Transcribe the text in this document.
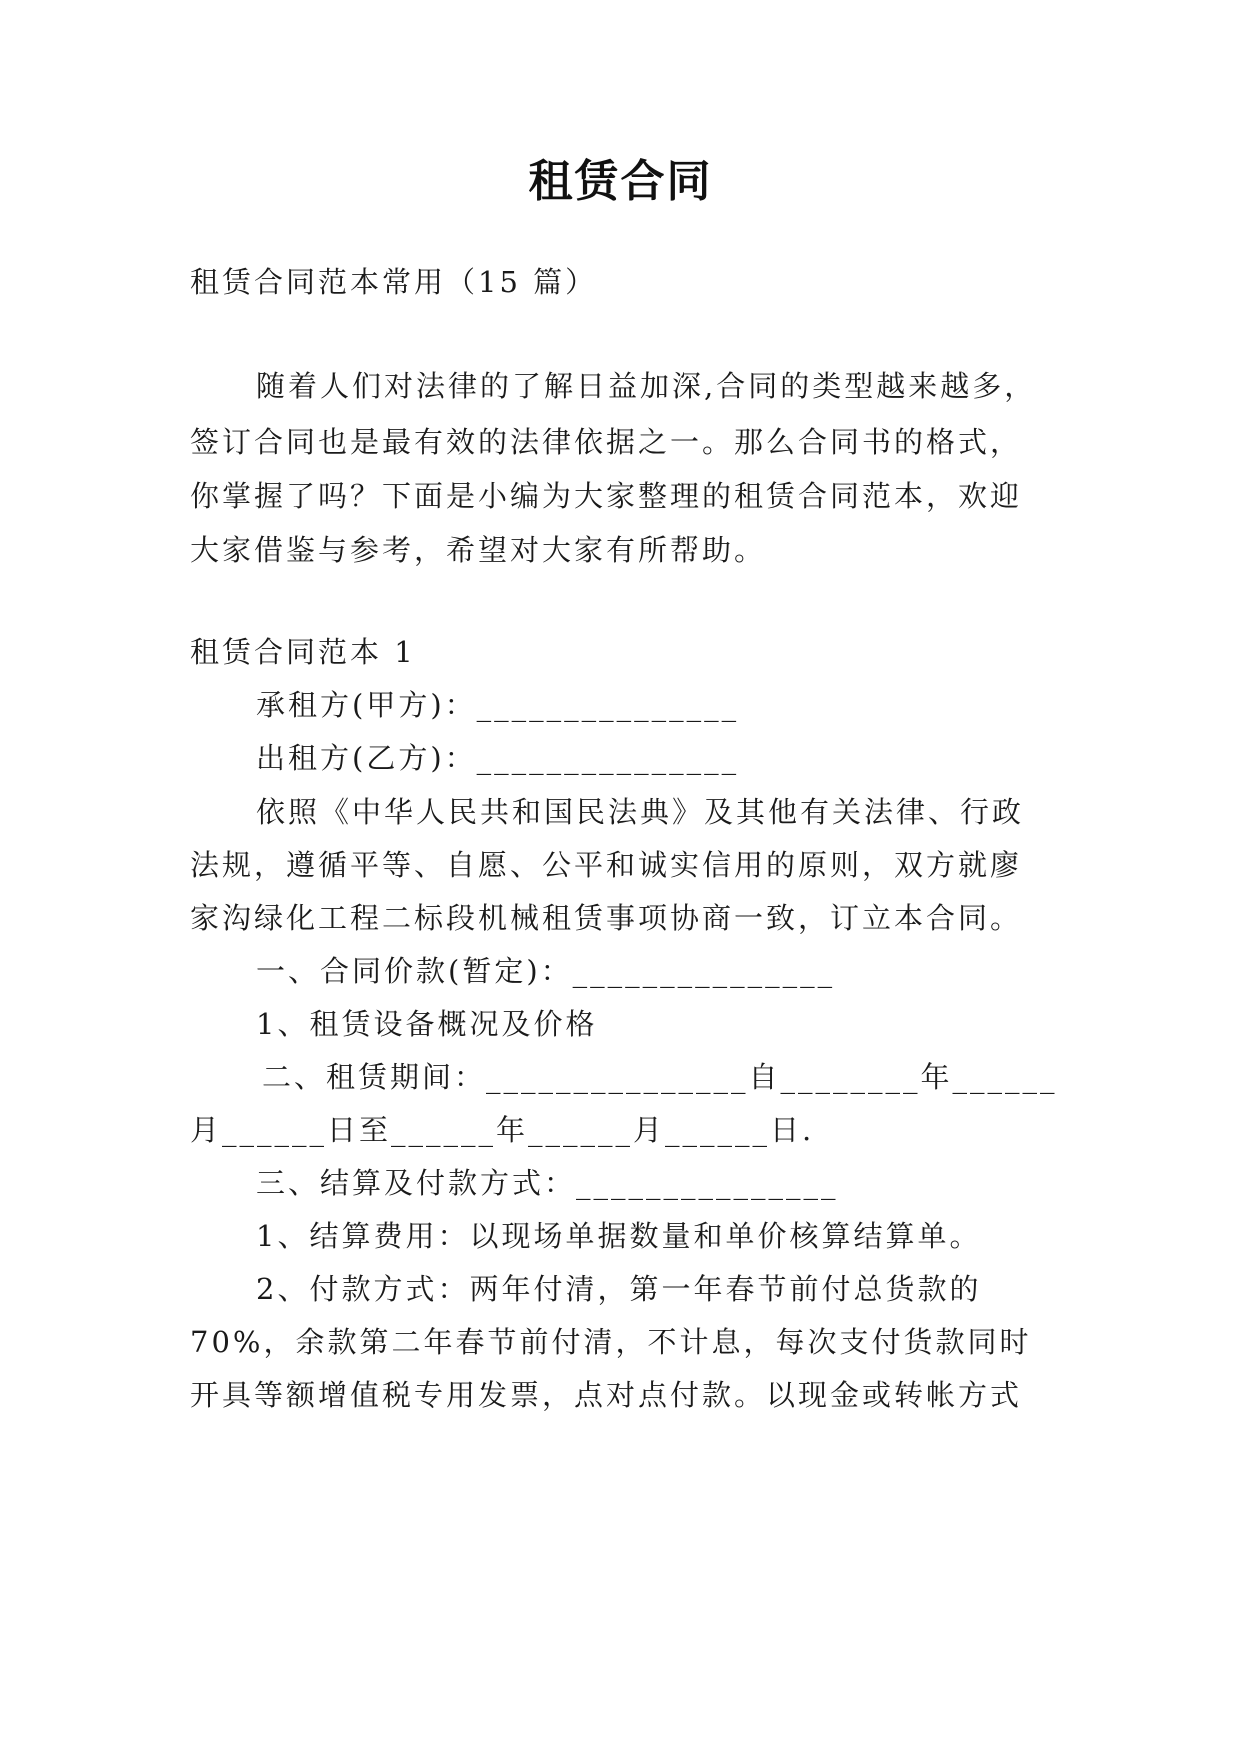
租赁合同
租赁合同范本常用（15 篇）
随着人们对法律的了解日益加深,合同的类型越来越多，
签订合同也是最有效的法律依据之一。那么合同书的格式，
你掌握了吗？下面是小编为大家整理的租赁合同范本，欢迎
大家借鉴与参考，希望对大家有所帮助。
租赁合同范本 1
承租方(甲方)：_______________
出租方(乙方)：_______________
依照《中华人民共和国民法典》及其他有关法律、行政
法规，遵循平等、自愿、公平和诚实信用的原则，双方就廖
家沟绿化工程二标段机械租赁事项协商一致，订立本合同。
一、合同价款(暂定)：_______________
1、租赁设备概况及价格
二、租赁期间：_______________自________年______
月______日至______年______月______日.
三、结算及付款方式：_______________
1、结算费用：以现场单据数量和单价核算结算单。
2、付款方式：两年付清，第一年春节前付总货款的
70%，余款第二年春节前付清，不计息，每次支付货款同时
开具等额增值税专用发票，点对点付款。以现金或转帐方式
